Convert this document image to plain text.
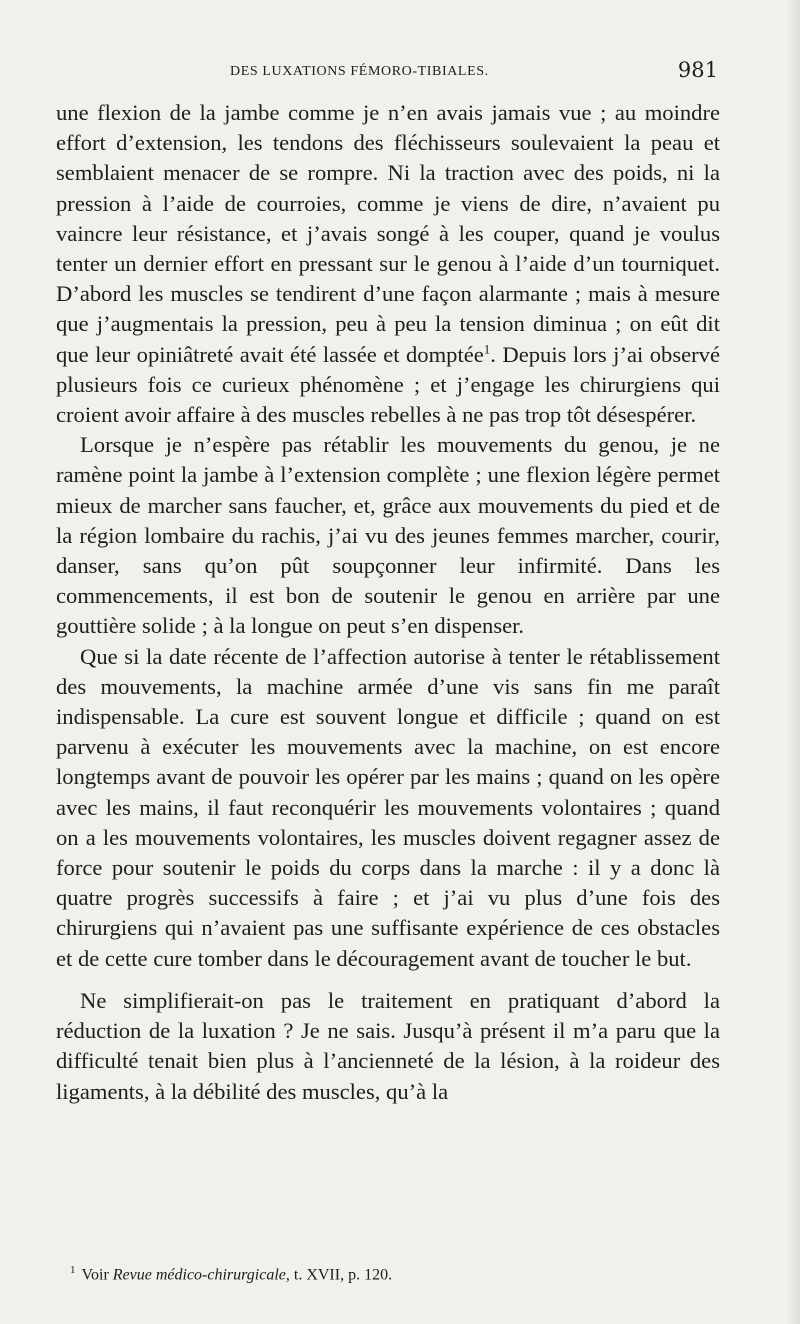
DES LUXATIONS FÉMORO-TIBIALES.	981

une flexion de la jambe comme je n’en avais jamais vue ; au moindre effort d’extension, les tendons des fléchisseurs soulevaient la peau et semblaient menacer de se rompre. Ni la traction avec des poids, ni la pression à l’aide de courroies, comme je viens de dire, n’avaient pu vaincre leur résistance, et j’avais songé à les couper, quand je voulus tenter un dernier effort en pressant sur le genou à l’aide d’un tourniquet. D’abord les muscles se tendirent d’une façon alarmante ; mais à mesure que j’augmentais la pression, peu à peu la tension diminua ; on eût dit que leur opiniâtreté avait été lassée et domptée$^1$. Depuis lors j’ai observé plusieurs fois ce curieux phénomène ; et j’engage les chirurgiens qui croient avoir affaire à des muscles rebelles à ne pas trop tôt désespérer.

Lorsque je n’espère pas rétablir les mouvements du genou, je ne ramène point la jambe à l’extension complète ; une flexion légère permet mieux de marcher sans faucher, et, grâce aux mouvements du pied et de la région lombaire du rachis, j’ai vu des jeunes femmes marcher, courir, danser, sans qu’on pût soupçonner leur infirmité. Dans les commencements, il est bon de soutenir le genou en arrière par une gouttière solide ; à la longue on peut s’en dispenser.

Que si la date récente de l’affection autorise à tenter le rétablissement des mouvements, la machine armée d’une vis sans fin me paraît indispensable. La cure est souvent longue et difficile ; quand on est parvenu à exécuter les mouvements avec la machine, on est encore longtemps avant de pouvoir les opérer par les mains ; quand on les opère avec les mains, il faut reconquérir les mouvements volontaires ; quand on a les mouvements volontaires, les muscles doivent regagner assez de force pour soutenir le poids du corps dans la marche : il y a donc là quatre progrès successifs à faire ; et j’ai vu plus d’une fois des chirurgiens qui n’avaient pas une suffisante expérience de ces obstacles et de cette cure tomber dans le découragement avant de toucher le but.

Ne simplifierait-on pas le traitement en pratiquant d’abord la réduction de la luxation ? Je ne sais. Jusqu’à présent il m’a paru que la difficulté tenait bien plus à l’ancienneté de la lésion, à la roideur des ligaments, à la débilité des muscles, qu’à la

$^1$ Voir Revue médico-chirurgicale, t. XVII, p. 120.
